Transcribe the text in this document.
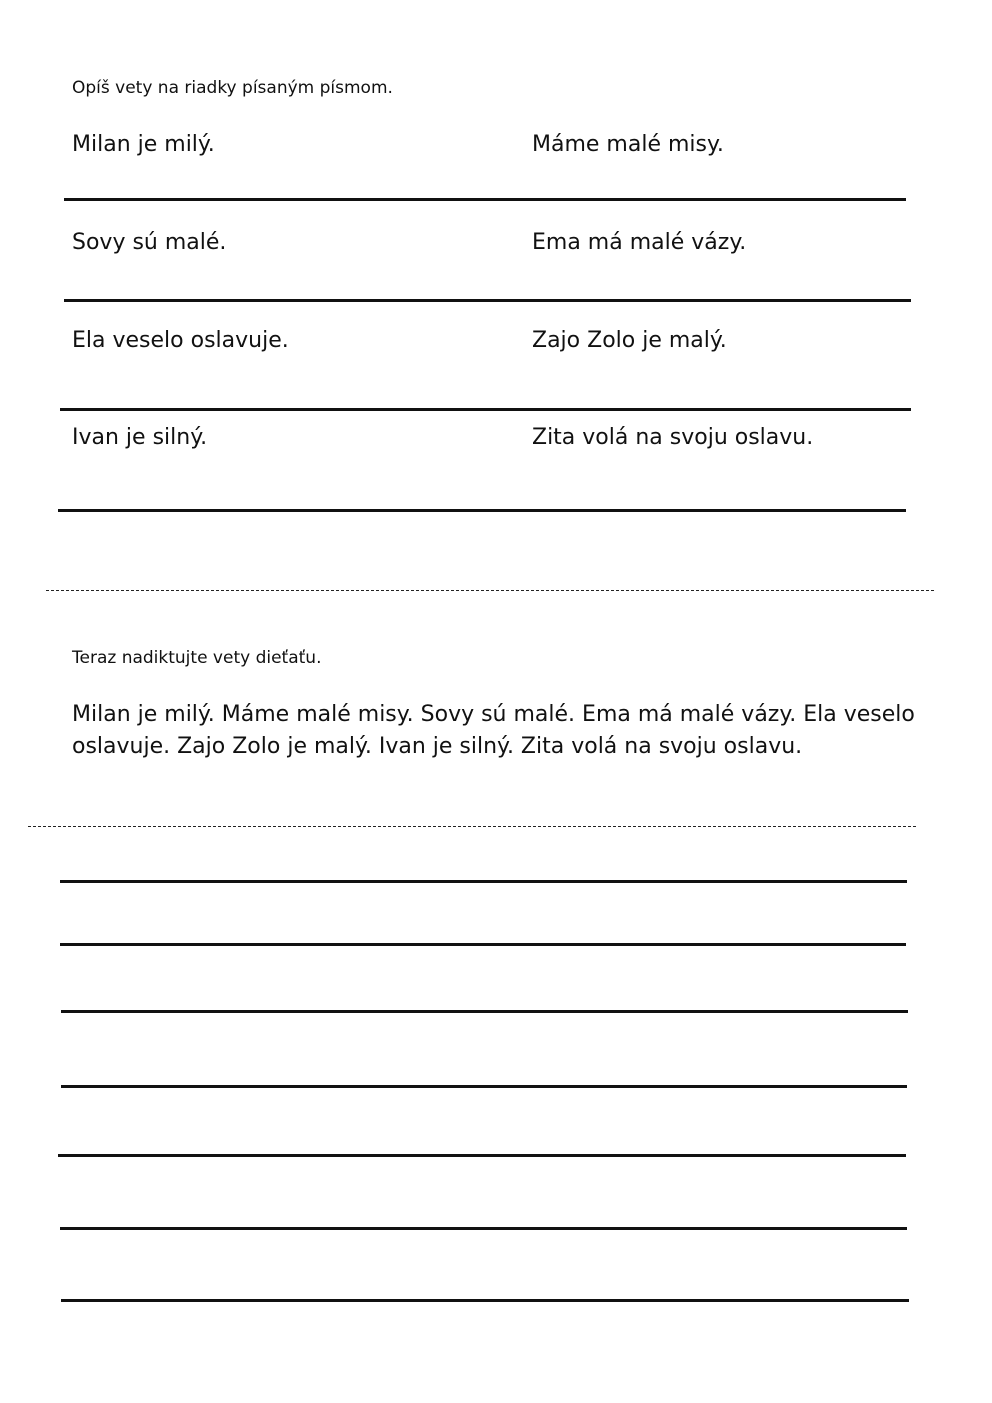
Opíš vety na riadky písaným písmom.
Milan je milý.	Máme malé misy.
Sovy sú malé.	Ema má malé vázy.
Ela veselo oslavuje.	Zajo Zolo je malý.
Ivan je silný.	Zita volá na svoju oslavu.
Teraz nadiktujte vety dieťaťu.
Milan je milý. Máme malé misy. Sovy sú malé. Ema má malé vázy. Ela veselo
oslavuje. Zajo Zolo je malý. Ivan je silný. Zita volá na svoju oslavu.
